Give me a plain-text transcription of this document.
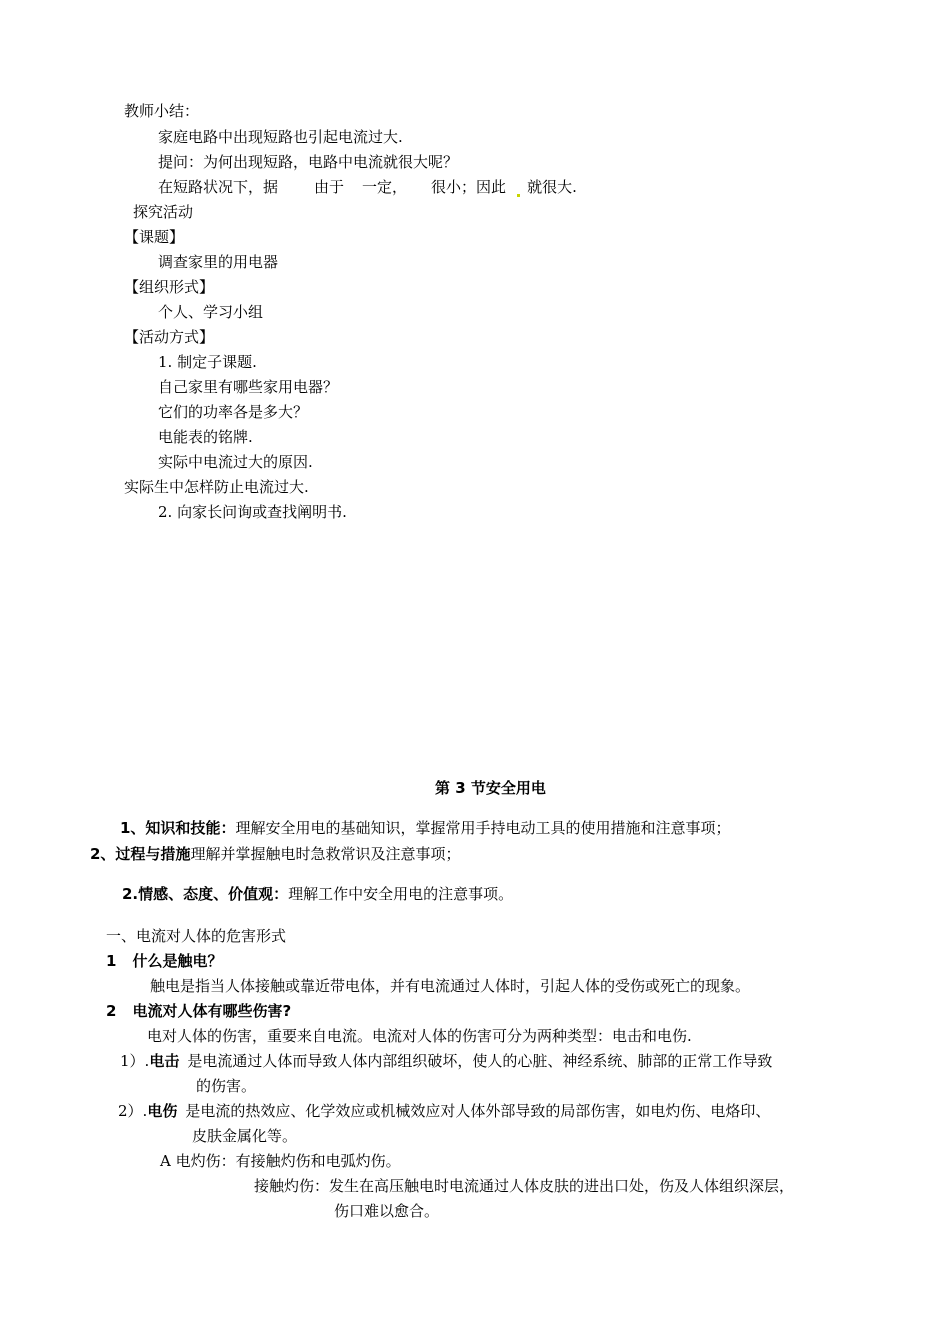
教师小结：
家庭电路中出现短路也引起电流过大.
提问：为何出现短路，电路中电流就很大呢？
在短路状况下，据 由于 一定， 很小；因此 就很大.
探究活动
【课题】
调查家里的用电器
【组织形式】
个人、学习小组
【活动方式】
1. 制定子课题.
自己家里有哪些家用电器？
它们的功率各是多大？
电能表的铭牌.
实际中电流过大的原因.
实际生中怎样防止电流过大.
2. 向家长问询或查找阐明书.
第 3 节安全用电
1、知识和技能：理解安全用电的基础知识，掌握常用手持电动工具的使用措施和注意事项；
2、过程与措施理解并掌握触电时急救常识及注意事项；
2.情感、态度、价值观：理解工作中安全用电的注意事项。
一、电流对人体的危害形式
1 什么是触电？
触电是指当人体接触或靠近带电体，并有电流通过人体时，引起人体的受伤或死亡的现象。
2 电流对人体有哪些伤害?
电对人体的伤害，重要来自电流。电流对人体的伤害可分为两种类型：电击和电伤.
1）.电击 是电流通过人体而导致人体内部组织破坏，使人的心脏、神经系统、肺部的正常工作导致
的伤害。
2）.电伤 是电流的热效应、化学效应或机械效应对人体外部导致的局部伤害，如电灼伤、电烙印、
皮肤金属化等。
A 电灼伤：有接触灼伤和电弧灼伤。
接触灼伤：发生在高压触电时电流通过人体皮肤的进出口处，伤及人体组织深层，
伤口难以愈合。
